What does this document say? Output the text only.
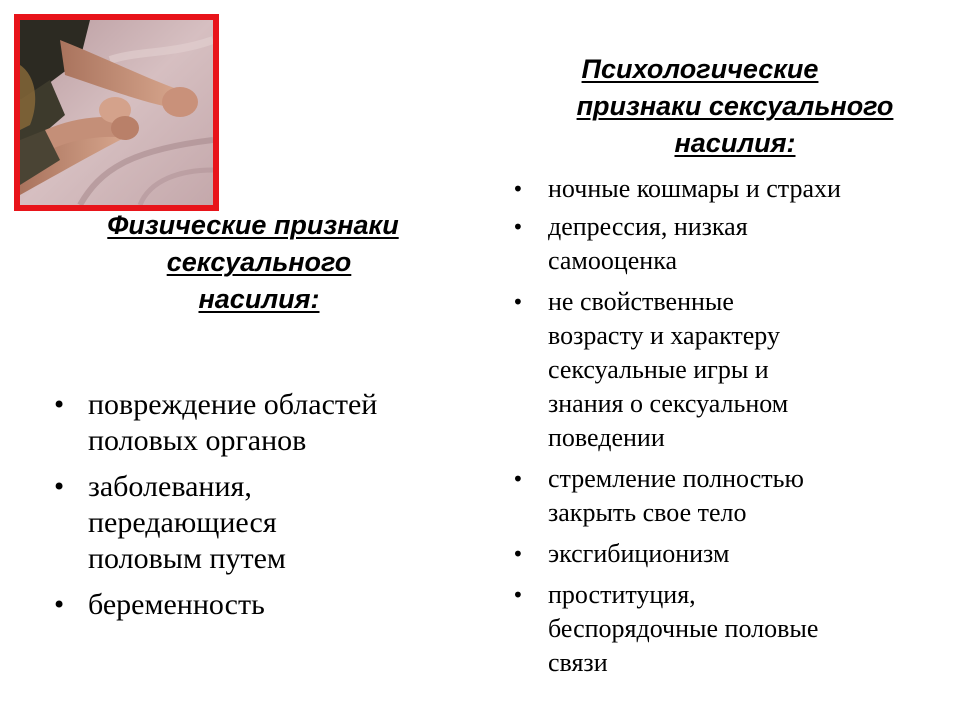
Физические признаки
сексуального
насилия:
Психологические
признаки сексуального
насилия:
• повреждение областей
половых органов
• заболевания,
передающиеся
половым путем
• беременность
• ночные кошмары и страхи
• депрессия, низкая
самооценка
• не свойственные
возрасту и характеру
сексуальные игры и
знания о сексуальном
поведении
• стремление полностью
закрыть свое тело
• эксгибиционизм
• проституция,
беспорядочные половые
связи
